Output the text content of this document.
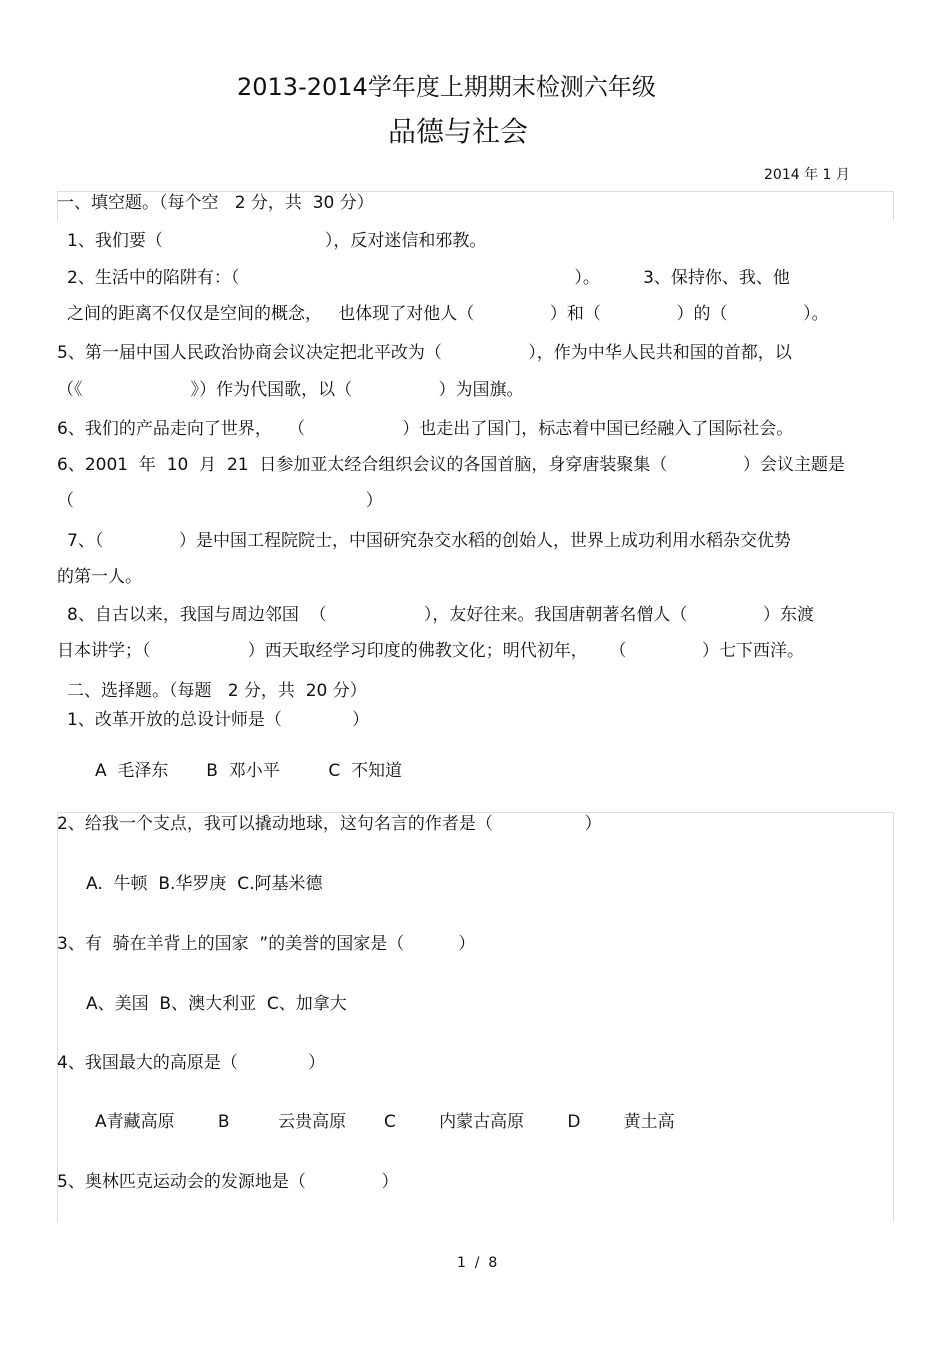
2013-2014学年度上期期末检测六年级
品德与社会
2014 年 1 月
一、填空题。（每个空   2 分，共  30 分）
1、我们要（                              ），反对迷信和邪教。
2、生活中的陷阱有：（                                                              ）。        3、保持你、我、他
之间的距离不仅仅是空间的概念，   也体现了对他人（              ）和（              ）的（              ）。
5、第一届中国人民政治协商会议决定把北平改为（                ），作为中华人民共和国的首都，以
（《                    》）作为代国歌，以（                ）为国旗。
6、我们的产品走向了世界，   （                  ）也走出了国门，标志着中国已经融入了国际社会。
6、2001  年  10  月  21  日参加亚太经合组织会议的各国首脑，身穿唐装聚集（              ）会议主题是
（                                                      ）
7、（              ）是中国工程院院士，中国研究杂交水稻的创始人，世界上成功利用水稻杂交优势
的第一人。
8、自古以来，我国与周边邻国  （                  ），友好往来。我国唐朝著名僧人（              ）东渡
日本讲学；（                  ）西天取经学习印度的佛教文化；明代初年，    （              ）七下西洋。
二、选择题。（每题   2 分，共  20 分）
1、改革开放的总设计师是（             ）
A  毛泽东       B  邓小平         C  不知道
2、给我一个支点，我可以撬动地球，这句名言的作者是（                 ）
A.  牛顿  B.华罗庚  C.阿基米德
3、有  骑在羊背上的国家  ”的美誉的国家是（          ）
A、美国  B、澳大利亚  C、加拿大
4、我国最大的高原是（             ）
A青藏高原        B         云贵高原       C        内蒙古高原        D        黄土高
5、奥林匹克运动会的发源地是（              ）
1  /  8
